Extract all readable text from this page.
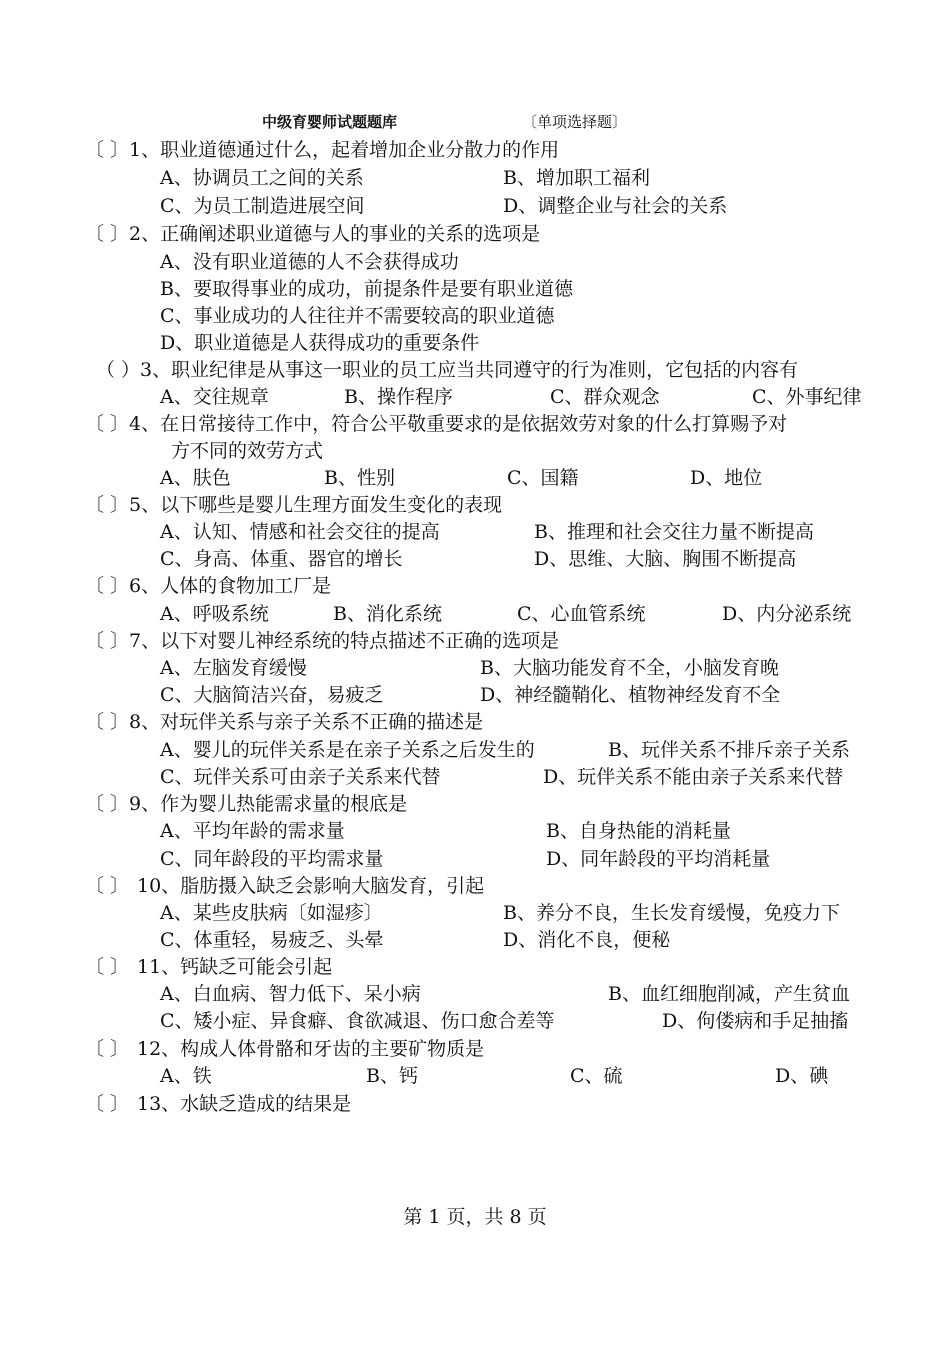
中级育婴师试题题库	〔单项选择题〕
〔 〕1、职业道德通过什么，起着增加企业分散力的作用
A、协调员工之间的关系	B、增加职工福利
C、为员工制造进展空间	D、调整企业与社会的关系
〔 〕2、正确阐述职业道德与人的事业的关系的选项是
A、没有职业道德的人不会获得成功
B、要取得事业的成功，前提条件是要有职业道德
C、事业成功的人往往并不需要较高的职业道德
D、职业道德是人获得成功的重要条件
（ ）3、职业纪律是从事这一职业的员工应当共同遵守的行为准则，它包括的内容有
A、交往规章	B、操作程序	C、群众观念	C、外事纪律
〔 〕4、在日常接待工作中，符合公平敬重要求的是依据效劳对象的什么打算赐予对
方不同的效劳方式
A、肤色	B、性别	C、国籍	D、地位
〔 〕5、以下哪些是婴儿生理方面发生变化的表现
A、认知、情感和社会交往的提高	B、推理和社会交往力量不断提高
C、身高、体重、器官的增长	D、思维、大脑、胸围不断提高
〔 〕6、人体的食物加工厂是
A、呼吸系统	B、消化系统	C、心血管系统	D、内分泌系统
〔 〕7、以下对婴儿神经系统的特点描述不正确的选项是
A、左脑发育缓慢	B、大脑功能发育不全，小脑发育晚
C、大脑简洁兴奋，易疲乏	D、神经髓鞘化、植物神经发育不全
〔 〕8、对玩伴关系与亲子关系不正确的描述是
A、婴儿的玩伴关系是在亲子关系之后发生的	B、玩伴关系不排斥亲子关系
C、玩伴关系可由亲子关系来代替	D、玩伴关系不能由亲子关系来代替
〔 〕9、作为婴儿热能需求量的根底是
A、平均年龄的需求量	B、自身热能的消耗量
C、同年龄段的平均需求量	D、同年龄段的平均消耗量
〔 〕 10、脂肪摄入缺乏会影响大脑发育，引起
A、某些皮肤病〔如湿疹〕	B、养分不良，生长发育缓慢，免疫力下
C、体重轻，易疲乏、头晕	D、消化不良，便秘
〔 〕 11、钙缺乏可能会引起
A、白血病、智力低下、呆小病	B、血红细胞削减，产生贫血
C、矮小症、异食癖、食欲减退、伤口愈合差等	D、佝偻病和手足抽搐
〔 〕 12、构成人体骨骼和牙齿的主要矿物质是
A、铁	B、钙	C、硫	D、碘
〔 〕 13、水缺乏造成的结果是
第 1 页，共 8 页
